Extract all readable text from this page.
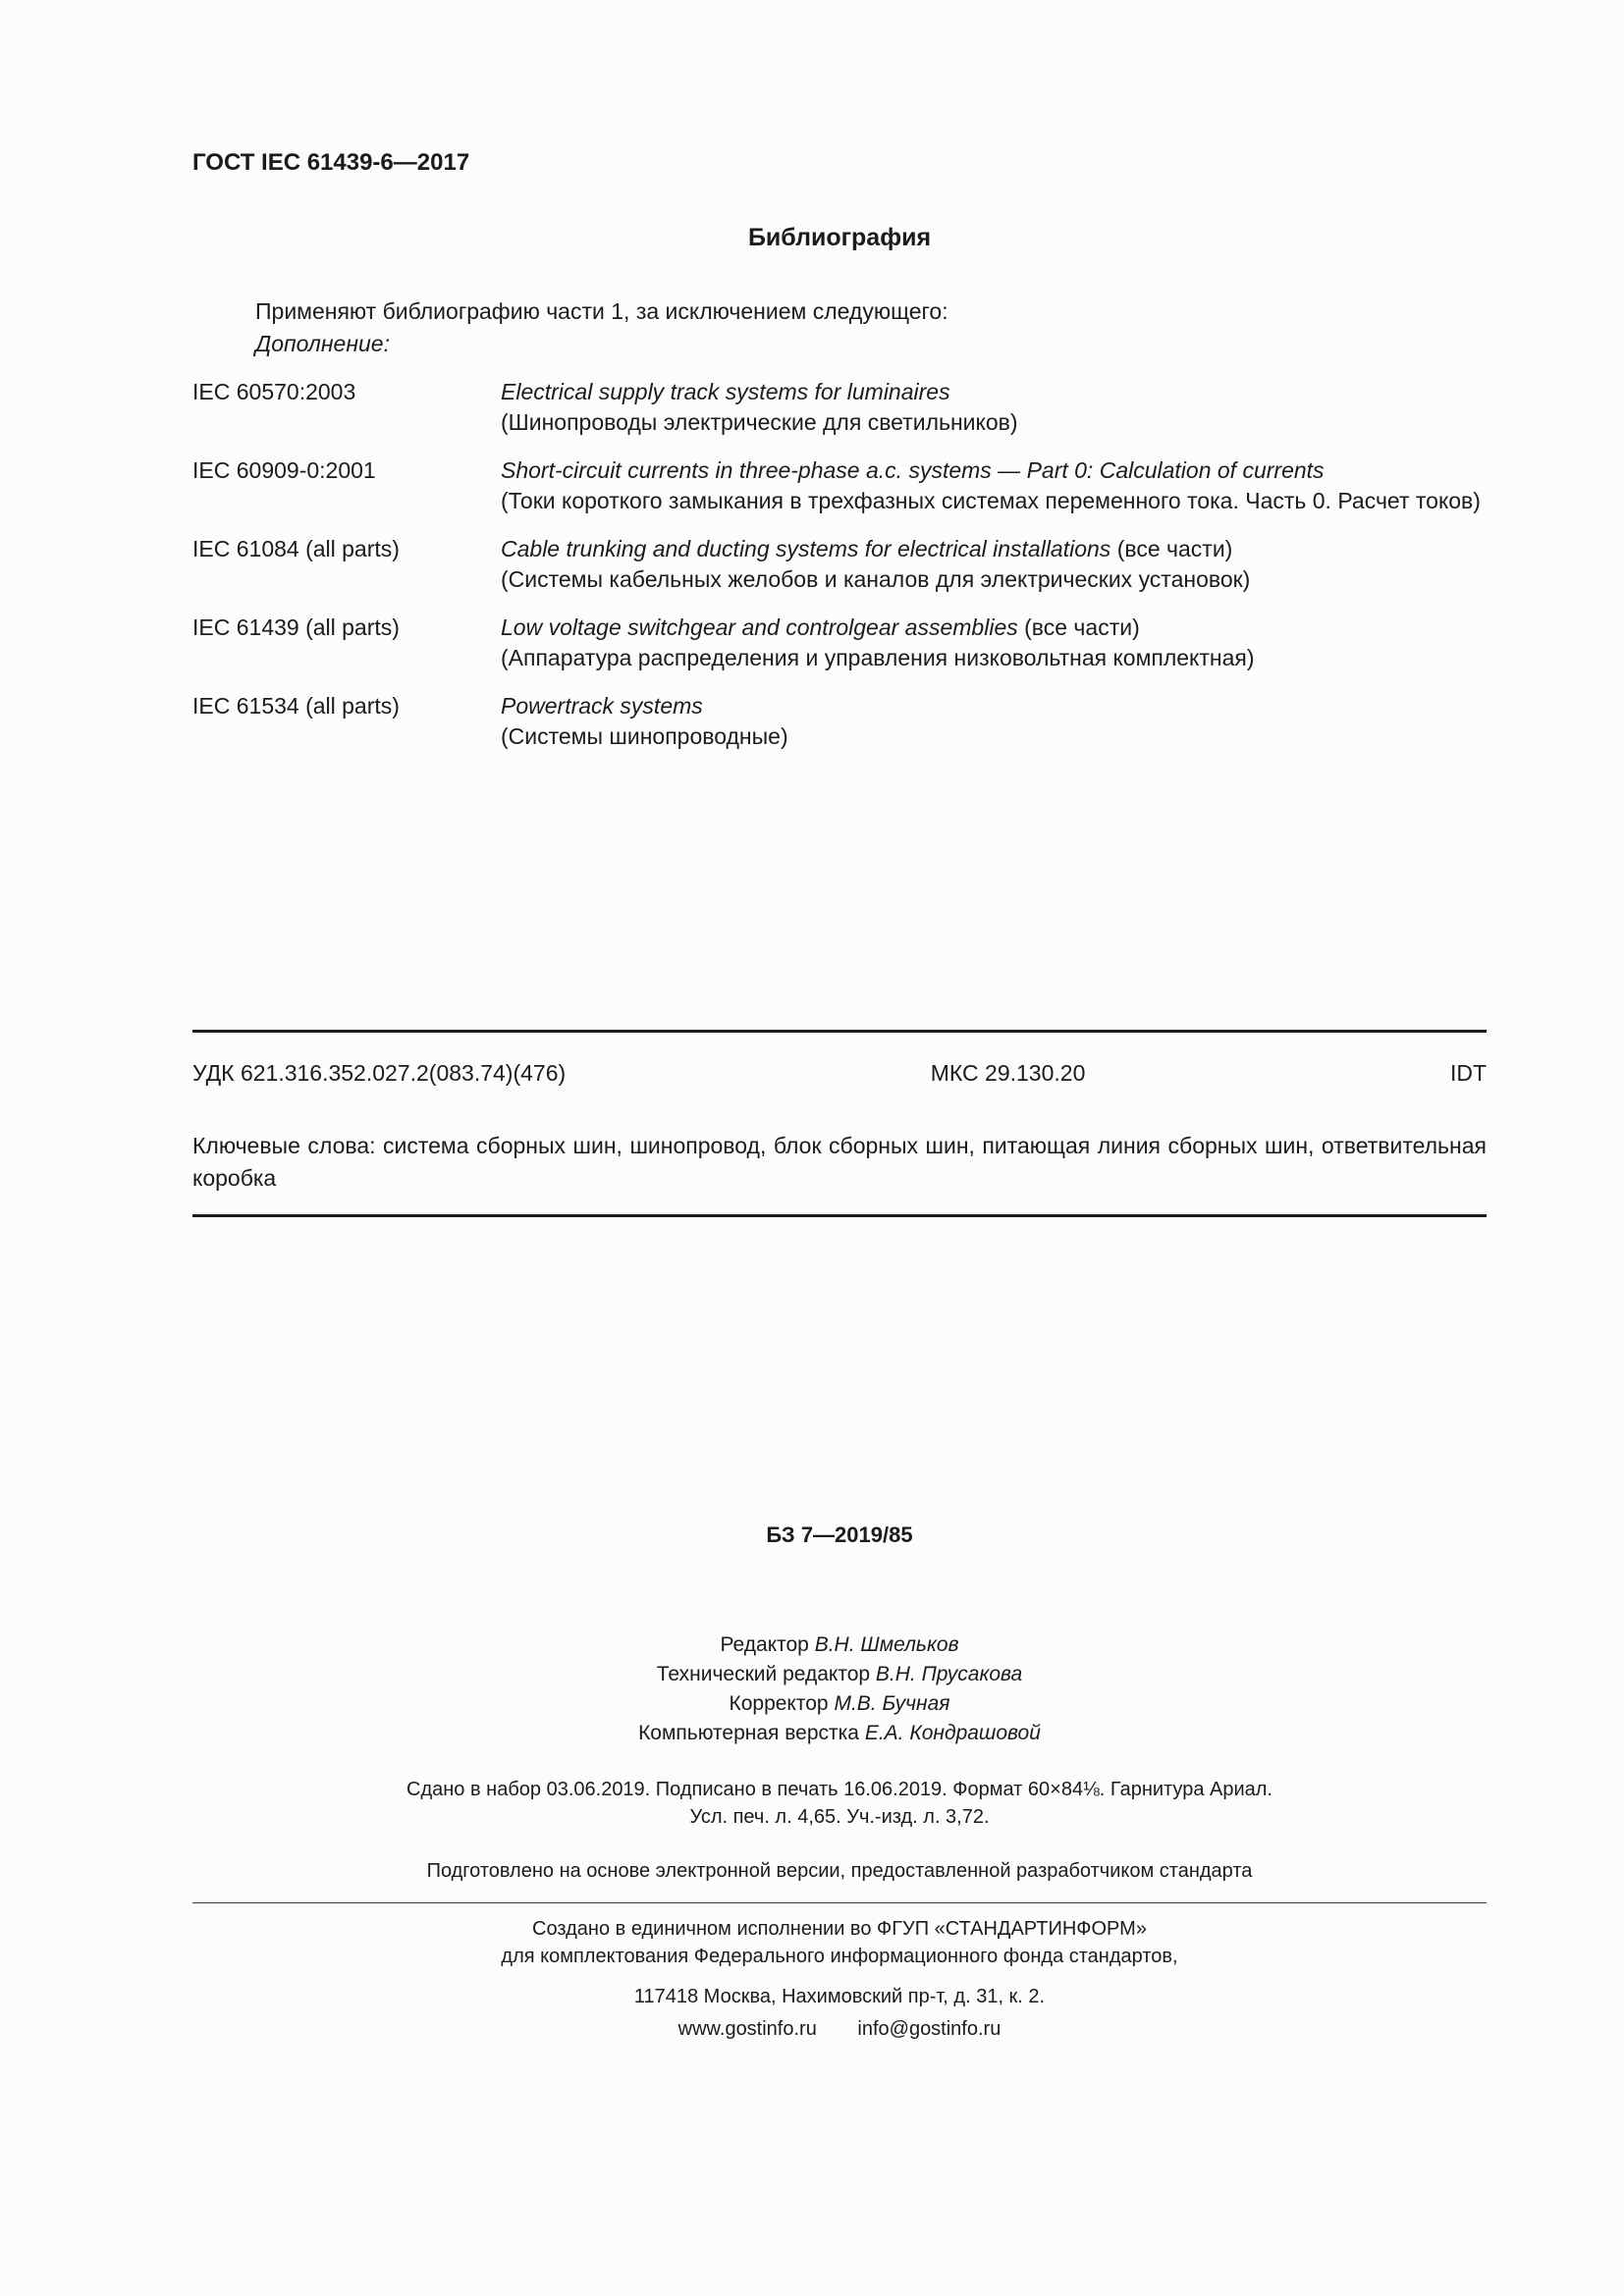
ГОСТ IEC 61439-6—2017
Библиография

Применяют библиографию части 1, за исключением следующего:

Дополнение:

IEC 60570:2003	Electrical supply track systems for luminaires
(Шинопроводы электрические для светильников)
IEC 60909-0:2001	Short-circuit currents in three-phase a.c. systems — Part 0: Calculation of currents
(Токи короткого замыкания в трехфазных системах переменного тока. Часть 0. Расчет токов)
IEC 61084 (all parts)	Cable trunking and ducting systems for electrical installations (все части)
(Системы кабельных желобов и каналов для электрических установок)
IEC 61439 (all parts)	Low voltage switchgear and controlgear assemblies (все части)
(Аппаратура распределения и управления низковольтная комплектная)
IEC 61534 (all parts)	Powertrack systems
(Системы шинопроводные)
УДК 621.316.352.027.2(083.74)(476)	МКС 29.130.20	IDT

Ключевые слова: система сборных шин, шинопровод, блок сборных шин, питающая линия сборных шин, ответвительная коробка

БЗ 7—2019/85
Редактор В.Н. Шмельков
Технический редактор В.Н. Прусакова
Корректор М.В. Бучная
Компьютерная верстка Е.А. Кондрашовой
Сдано в набор 03.06.2019. Подписано в печать 16.06.2019. Формат 60×84⅛. Гарнитура Ариал.
Усл. печ. л. 4,65. Уч.-изд. л. 3,72.

Подготовлено на основе электронной версии, предоставленной разработчиком стандарта

Создано в единичном исполнении во ФГУП «СТАНДАРТИНФОРМ»
для комплектования Федерального информационного фонда стандартов,
117418 Москва, Нахимовский пр-т, д. 31, к. 2.
www.gostinfo.ru info@gostinfo.ru
